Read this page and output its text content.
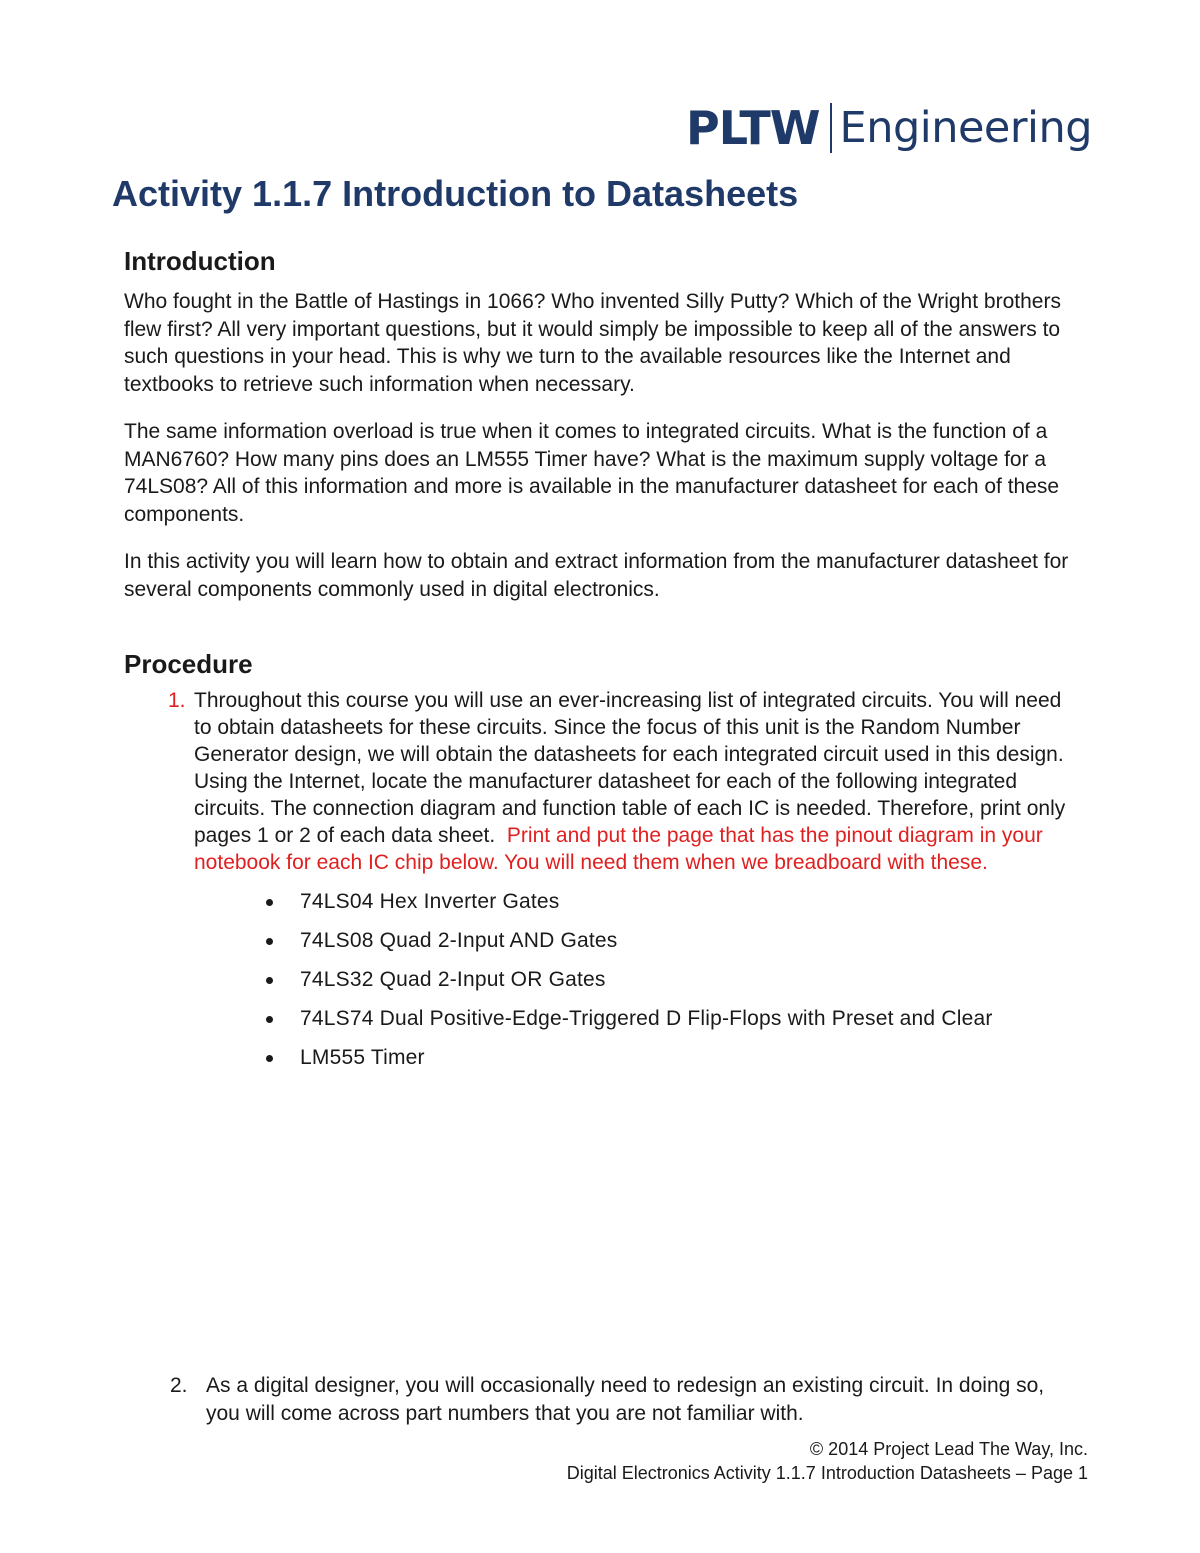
PLTW Engineering
Activity 1.1.7 Introduction to Datasheets
Introduction

Who fought in the Battle of Hastings in 1066? Who invented Silly Putty? Which of the Wright brothers flew first? All very important questions, but it would simply be impossible to keep all of the answers to such questions in your head. This is why we turn to the available resources like the Internet and textbooks to retrieve such information when necessary.

The same information overload is true when it comes to integrated circuits. What is the function of a MAN6760? How many pins does an LM555 Timer have? What is the maximum supply voltage for a 74LS08? All of this information and more is available in the manufacturer datasheet for each of these components.

In this activity you will learn how to obtain and extract information from the manufacturer datasheet for several components commonly used in digital electronics.

Procedure
1. Throughout this course you will use an ever-increasing list of integrated circuits. You will need to obtain datasheets for these circuits. Since the focus of this unit is the Random Number Generator design, we will obtain the datasheets for each integrated circuit used in this design. Using the Internet, locate the manufacturer datasheet for each of the following integrated circuits. The connection diagram and function table of each IC is needed. Therefore, print only pages 1 or 2 of each data sheet. Print and put the page that has the pinout diagram in your notebook for each IC chip below. You will need them when we breadboard with these.
74LS04 Hex Inverter Gates
74LS08 Quad 2-Input AND Gates
74LS32 Quad 2-Input OR Gates
74LS74 Dual Positive-Edge-Triggered D Flip-Flops with Preset and Clear
LM555 Timer
2. As a digital designer, you will occasionally need to redesign an existing circuit. In doing so, you will come across part numbers that you are not familiar with.
© 2014 Project Lead The Way, Inc.
Digital Electronics Activity 1.1.7 Introduction Datasheets – Page 1
